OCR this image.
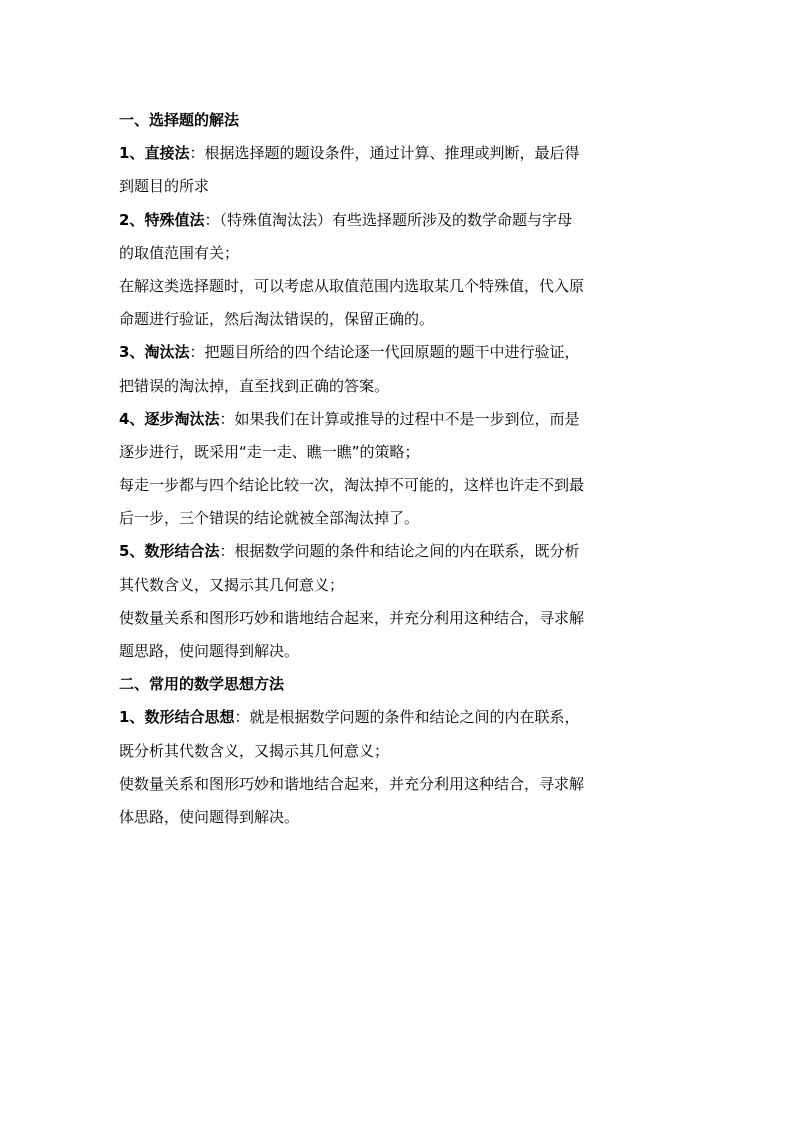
一、选择题的解法
1、直接法：根据选择题的题设条件，通过计算、推理或判断，最后得
到题目的所求
2、特殊值法：（特殊值淘汰法）有些选择题所涉及的数学命题与字母
的取值范围有关；
在解这类选择题时，可以考虑从取值范围内选取某几个特殊值，代入原
命题进行验证，然后淘汰错误的，保留正确的。
3、淘汰法：把题目所给的四个结论逐一代回原题的题干中进行验证，
把错误的淘汰掉，直至找到正确的答案。
4、逐步淘汰法：如果我们在计算或推导的过程中不是一步到位，而是
逐步进行，既采用“走一走、瞧一瞧”的策略；
每走一步都与四个结论比较一次，淘汰掉不可能的，这样也许走不到最
后一步，三个错误的结论就被全部淘汰掉了。
5、数形结合法：根据数学问题的条件和结论之间的内在联系，既分析
其代数含义，又揭示其几何意义；
使数量关系和图形巧妙和谐地结合起来，并充分利用这种结合，寻求解
题思路，使问题得到解决。
二、常用的数学思想方法
1、数形结合思想：就是根据数学问题的条件和结论之间的内在联系，
既分析其代数含义，又揭示其几何意义；
使数量关系和图形巧妙和谐地结合起来，并充分利用这种结合，寻求解
体思路，使问题得到解决。
